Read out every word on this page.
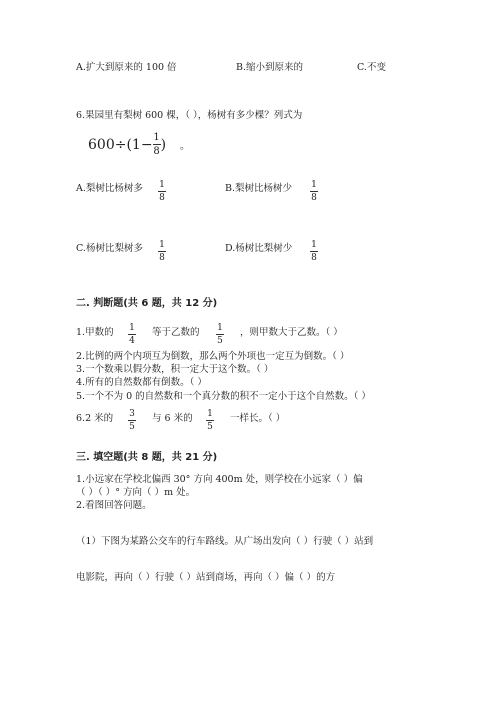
A.扩大到原来的 100 倍	B.缩小到原来的	C.不变
6.果园里有梨树 600 棵，（ ），杨树有多少棵？列式为
$600\div(1- \frac{1}{8}$ ) 。
A.梨树比杨树多 1
8
B.梨树比杨树少 1
8
C.杨树比梨树多 1
8
D.杨树比梨树少 1
8
二. 判断题(共 6 题，共 12 分)
1.甲数的 1
4
等于乙数的 1
5
，则甲数大于乙数。（ ）
2.比例的两个内项互为倒数，那么两个外项也一定互为倒数。（ ）
3.一个数乘以假分数，积一定大于这个数。（ ）
4.所有的自然数都有倒数。（ ）
5.一个不为 0 的自然数和一个真分数的积不一定小于这个自然数。（ ）
6.2 米的 3
5
与 6 米的 1
5
一样长。（ ）
三. 填空题(共 8 题，共 21 分)
1.小远家在学校北偏西 30° 方向 400m 处，则学校在小远家（ ）偏
（ ）（ ）° 方向（ ）m 处。
2.看图回答问题。
（1）下图为某路公交车的行车路线。从广场出发向（ ）行驶（ ）站到
电影院，再向（ ）行驶（ ）站到商场，再向（ ）偏（ ）的方
